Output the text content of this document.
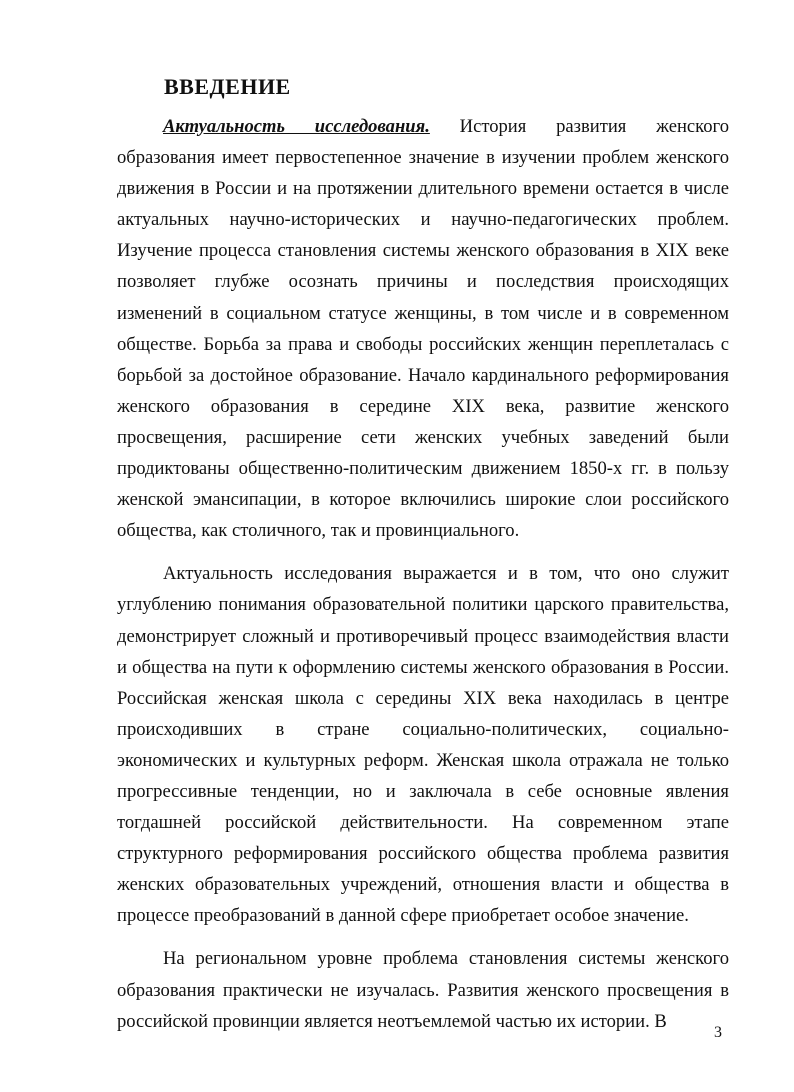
ВВЕДЕНИЕ

Актуальность исследования. История развития женского образования имеет первостепенное значение в изучении проблем женского движения в России и на протяжении длительного времени остается в числе актуальных научно-исторических и научно-педагогических проблем. Изучение процесса становления системы женского образования в XIX веке позволяет глубже осознать причины и последствия происходящих изменений в социальном статусе женщины, в том числе и в современном обществе. Борьба за права и свободы российских женщин переплеталась с борьбой за достойное образование. Начало кардинального реформирования женского образования в середине XIX века, развитие женского просвещения, расширение сети женских учебных заведений были продиктованы общественно-политическим движением 1850-х гг. в пользу женской эмансипации, в которое включились широкие слои российского общества, как столичного, так и провинциального.

Актуальность исследования выражается и в том, что оно служит углублению понимания образовательной политики царского правительства, демонстрирует сложный и противоречивый процесс взаимодействия власти и общества на пути к оформлению системы женского образования в России. Российская женская школа с середины XIX века находилась в центре происходивших в стране социально-политических, социально-экономических и культурных реформ. Женская школа отражала не только прогрессивные тенденции, но и заключала в себе основные явления тогдашней российской действительности. На современном этапе структурного реформирования российского общества проблема развития женских образовательных учреждений, отношения власти и общества в процессе преобразований в данной сфере приобретает особое значение.

На региональном уровне проблема становления системы женского образования практически не изучалась. Развития женского просвещения в российской провинции является неотъемлемой частью их истории. В

3
